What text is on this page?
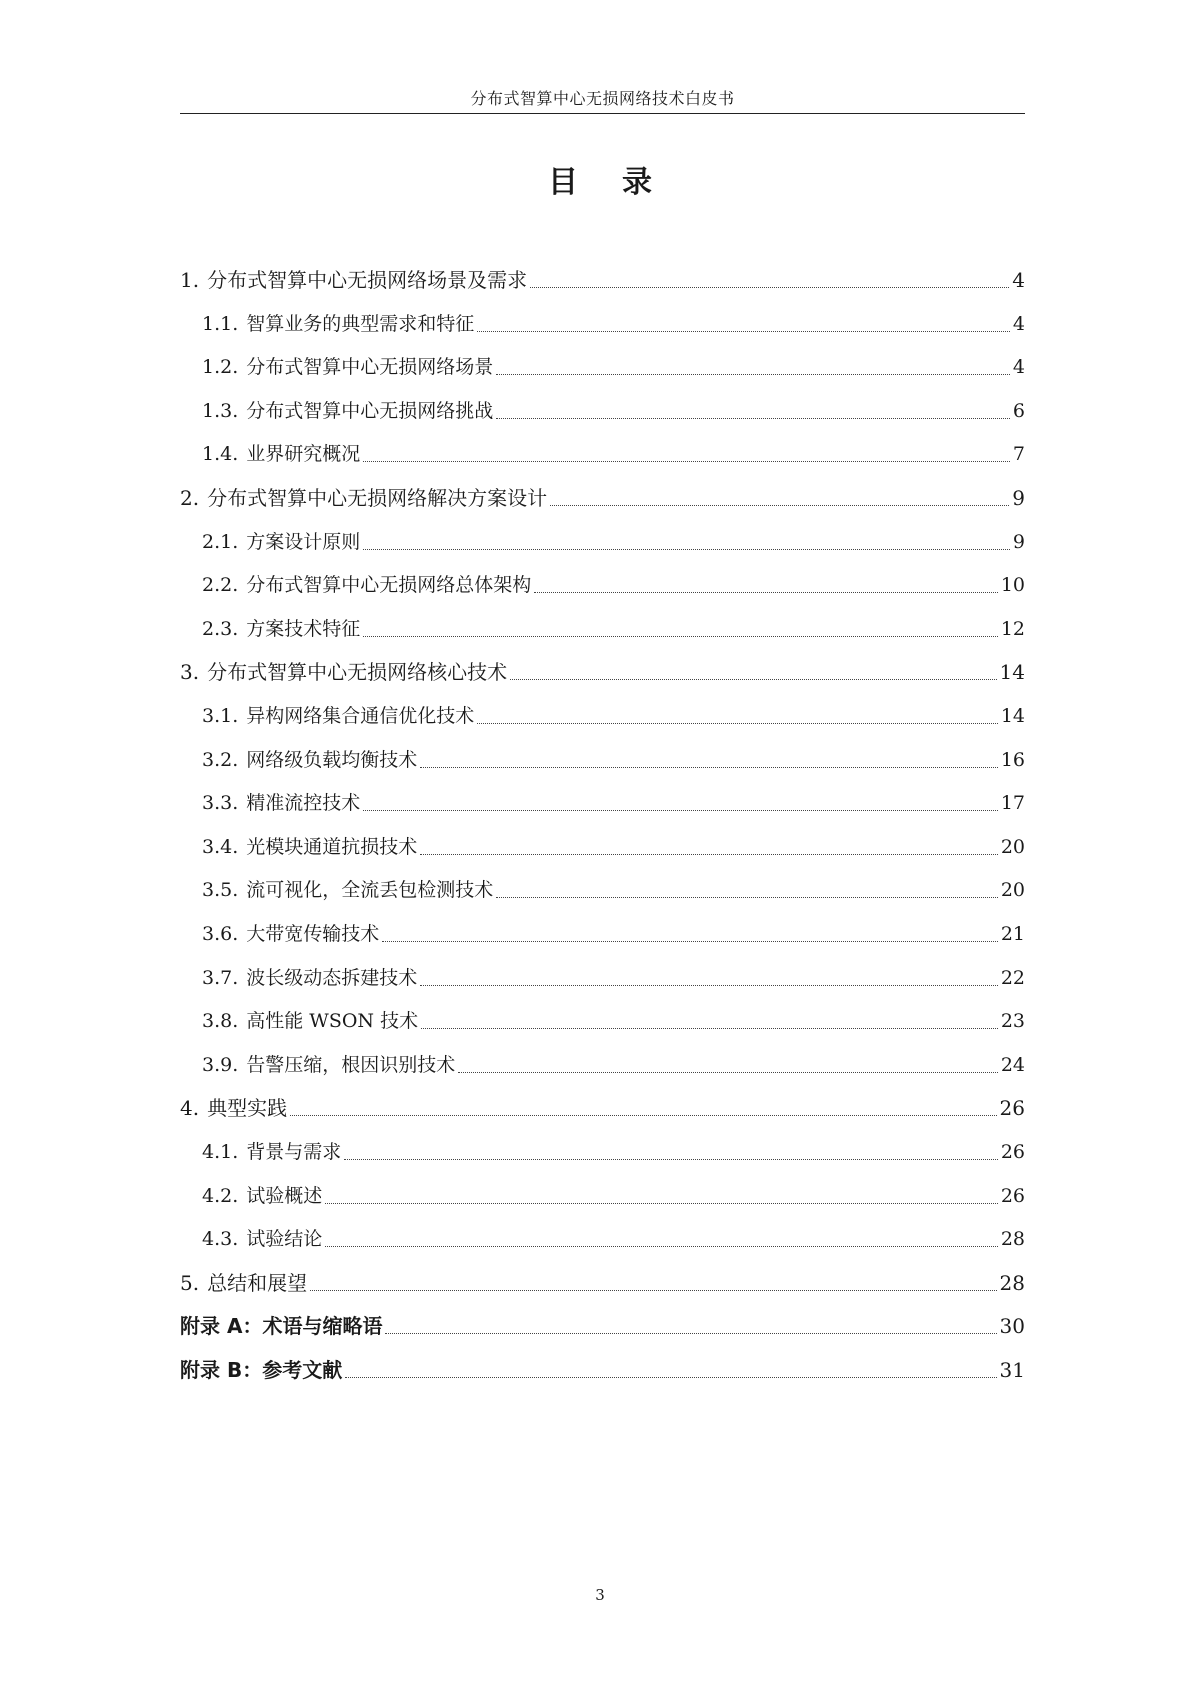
分布式智算中心无损网络技术白皮书
目录
1. 分布式智算中心无损网络场景及需求	4
1.1. 智算业务的典型需求和特征	4
1.2. 分布式智算中心无损网络场景	4
1.3. 分布式智算中心无损网络挑战	6
1.4. 业界研究概况	7
2. 分布式智算中心无损网络解决方案设计	9
2.1. 方案设计原则	9
2.2. 分布式智算中心无损网络总体架构	10
2.3. 方案技术特征	12
3. 分布式智算中心无损网络核心技术	14
3.1. 异构网络集合通信优化技术	14
3.2. 网络级负载均衡技术	16
3.3. 精准流控技术	17
3.4. 光模块通道抗损技术	20
3.5. 流可视化，全流丢包检测技术	20
3.6. 大带宽传输技术	21
3.7. 波长级动态拆建技术	22
3.8. 高性能 WSON 技术	23
3.9. 告警压缩，根因识别技术	24
4. 典型实践	26
4.1. 背景与需求	26
4.2. 试验概述	26
4.3. 试验结论	28
5. 总结和展望	28
附录 A：术语与缩略语	30
附录 B：参考文献	31
3
